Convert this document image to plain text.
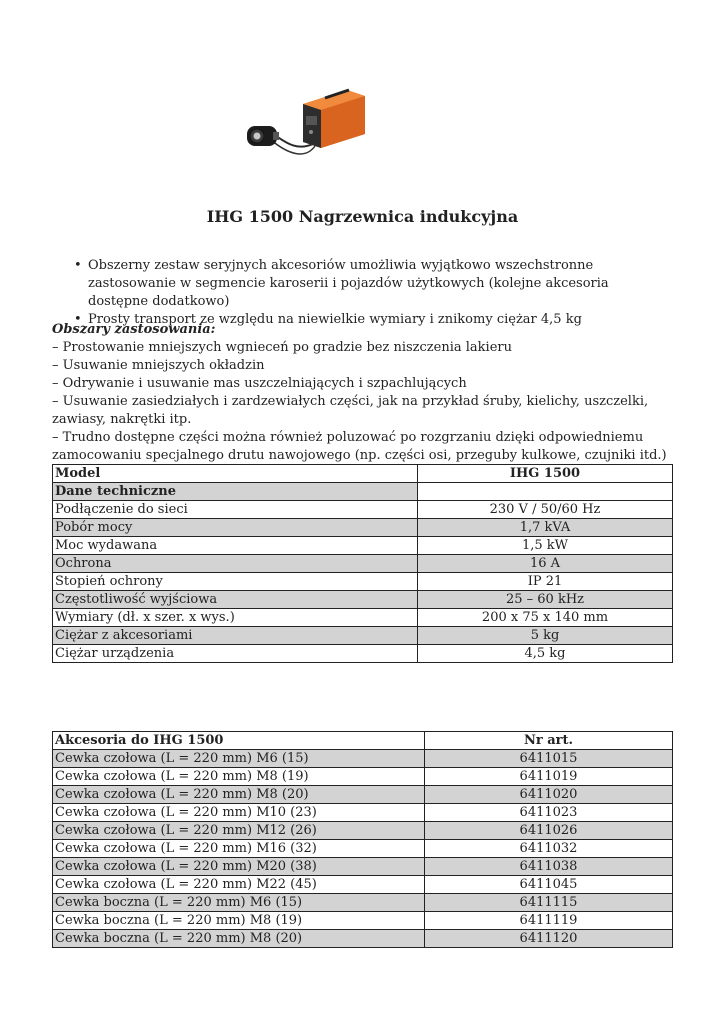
IHG 1500 Nagrzewnica indukcyjna
• Obszerny zestaw seryjnych akcesoriów umożliwia wyjątkowo wszechstronne zastosowanie w segmencie karoserii i pojazdów użytkowych (kolejne akcesoria dostępne dodatkowo)
• Prosty transport ze względu na niewielkie wymiary i znikomy ciężar 4,5 kg

Obszary zastosowania:

– Prostowanie mniejszych wgnieceń po gradzie bez niszczenia lakieru

– Usuwanie mniejszych okładzin

– Odrywanie i usuwanie mas uszczelniających i szpachlujących

– Usuwanie zasiedziałych i zardzewiałych części, jak na przykład śruby, kielichy, uszczelki, zawiasy, nakrętki itp.

– Trudno dostępne części można również poluzować po rozgrzaniu dzięki odpowiedniemu zamocowaniu specjalnego drutu nawojowego (np. części osi, przeguby kulkowe, czujniki itd.)

Model	IHG 1500
Dane techniczne	
Podłączenie do sieci	230 V / 50/60 Hz
Pobór mocy	1,7 kVA
Moc wydawana	1,5 kW
Ochrona	16 A
Stopień ochrony	IP 21
Częstotliwość wyjściowa	25 – 60 kHz
Wymiary (dł. x szer. x wys.)	200 x 75 x 140 mm
Ciężar z akcesoriami	5 kg
Ciężar urządzenia	4,5 kg
Akcesoria do IHG 1500	Nr art.
Cewka czołowa (L = 220 mm) M6 (15)	6411015
Cewka czołowa (L = 220 mm) M8 (19)	6411019
Cewka czołowa (L = 220 mm) M8 (20)	6411020
Cewka czołowa (L = 220 mm) M10 (23)	6411023
Cewka czołowa (L = 220 mm) M12 (26)	6411026
Cewka czołowa (L = 220 mm) M16 (32)	6411032
Cewka czołowa (L = 220 mm) M20 (38)	6411038
Cewka czołowa (L = 220 mm) M22 (45)	6411045
Cewka boczna (L = 220 mm) M6 (15)	6411115
Cewka boczna (L = 220 mm) M8 (19)	6411119
Cewka boczna (L = 220 mm) M8 (20)	6411120
